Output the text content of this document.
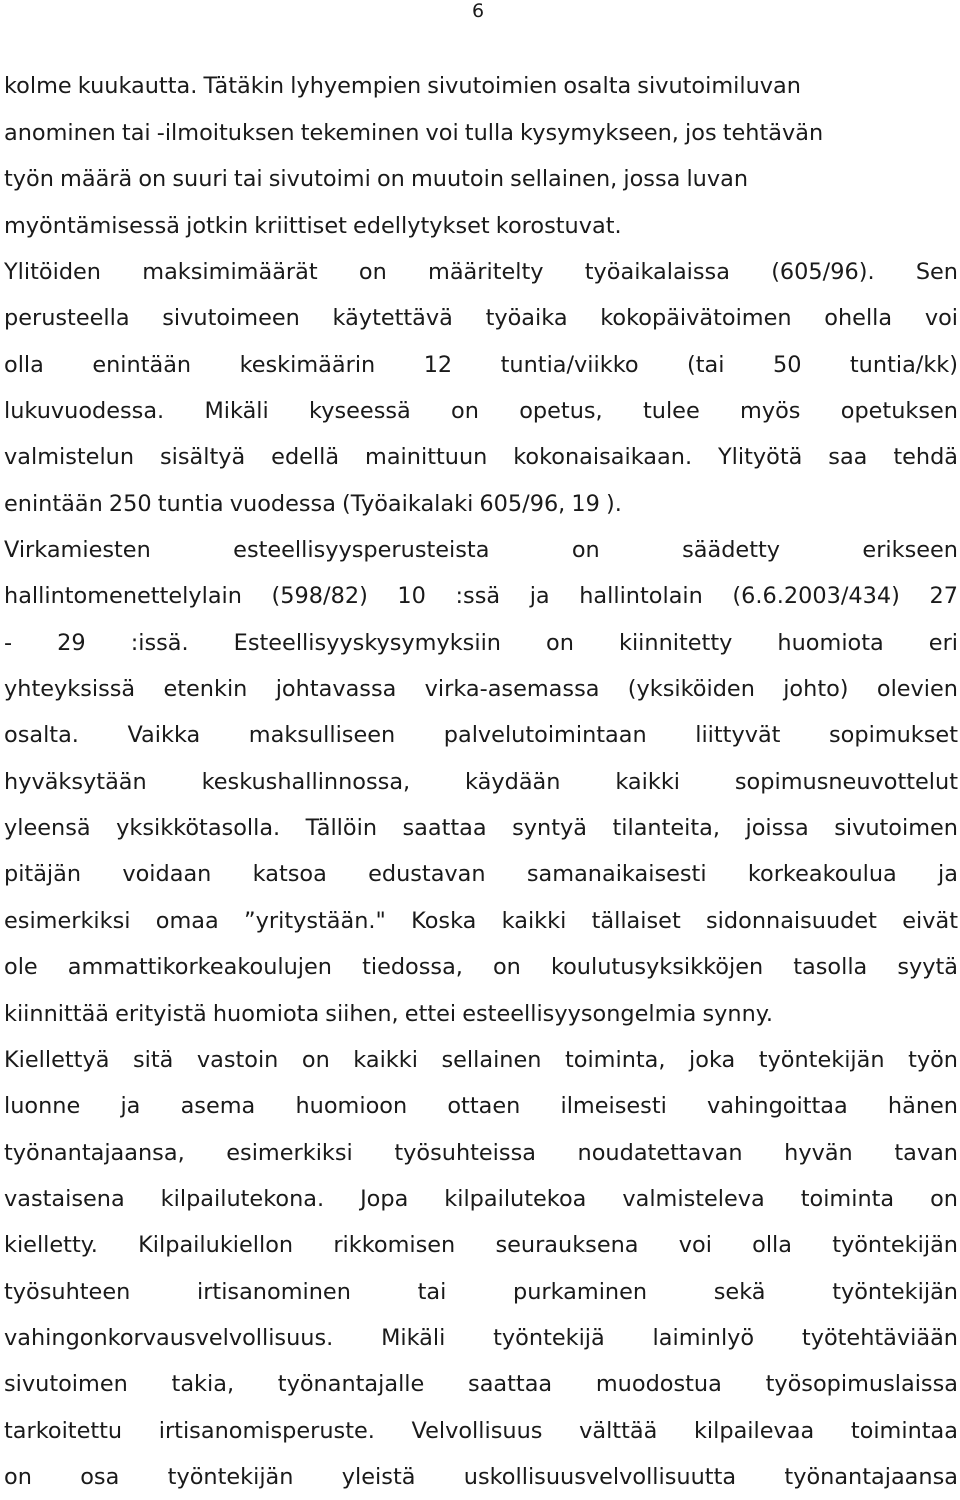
6

kolme kuukautta. Tätäkin lyhyempien sivutoimien osalta sivutoimiluvan
anominen tai -ilmoituksen tekeminen voi tulla kysymykseen, jos tehtävän
työn määrä on suuri tai sivutoimi on muutoin sellainen, jossa luvan
myöntämisessä jotkin kriittiset edellytykset korostuvat.

Ylitöiden maksimimäärät on määritelty työaikalaissa (605/96). Sen
perusteella sivutoimeen käytettävä työaika kokopäivätoimen ohella voi
olla enintään keskimäärin 12 tuntia/viikko (tai 50 tuntia/kk)
lukuvuodessa. Mikäli kyseessä on opetus, tulee myös opetuksen
valmistelun sisältyä edellä mainittuun kokonaisaikaan. Ylityötä saa tehdä
enintään 250 tuntia vuodessa (Työaikalaki 605/96, 19 ).
Virkamiesten esteellisyysperusteista on säädetty erikseen
hallintomenettelylain (598/82) 10 :ssä ja hallintolain (6.6.2003/434) 27
- 29 :issä. Esteellisyyskysymyksiin on kiinnitetty huomiota eri
yhteyksissä etenkin johtavassa virka-asemassa (yksiköiden johto) olevien
osalta. Vaikka maksulliseen palvelutoimintaan liittyvät sopimukset
hyväksytään keskushallinnossa, käydään kaikki sopimusneuvottelut
yleensä yksikkötasolla. Tällöin saattaa syntyä tilanteita, joissa sivutoimen
pitäjän voidaan katsoa edustavan samanaikaisesti korkeakoulua ja
esimerkiksi omaa ”yritystään." Koska kaikki tällaiset sidonnaisuudet eivät
ole ammattikorkeakoulujen tiedossa, on koulutusyksikköjen tasolla syytä
kiinnittää erityistä huomiota siihen, ettei esteellisyysongelmia synny.
Kiellettyä sitä vastoin on kaikki sellainen toiminta, joka työntekijän työn
luonne ja asema huomioon ottaen ilmeisesti vahingoittaa hänen
työnantajaansa, esimerkiksi työsuhteissa noudatettavan hyvän tavan
vastaisena kilpailutekona. Jopa kilpailutekoa valmisteleva toiminta on
kielletty. Kilpailukiellon rikkomisen seurauksena voi olla työntekijän
työsuhteen irtisanominen tai purkaminen sekä työntekijän
vahingonkorvausvelvollisuus. Mikäli työntekijä laiminlyö työtehtäviään
sivutoimen takia, työnantajalle saattaa muodostua työsopimuslaissa
tarkoitettu irtisanomisperuste. Velvollisuus välttää kilpailevaa toimintaa
on osa työntekijän yleistä uskollisuusvelvollisuutta työnantajaansa
